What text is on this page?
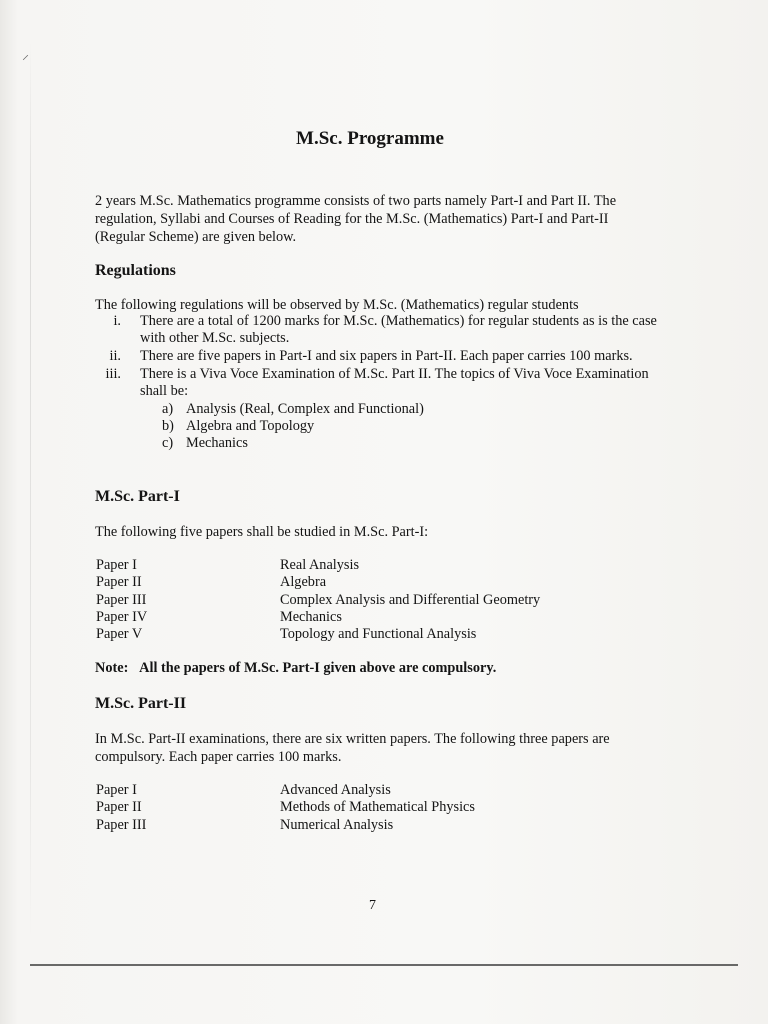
⸝
M.Sc. Programme
2 years M.Sc. Mathematics programme consists of two parts namely Part-I and Part II. The regulation, Syllabi and Courses of Reading for the M.Sc. (Mathematics) Part-I and Part-II (Regular Scheme) are given below.
Regulations
The following regulations will be observed by M.Sc. (Mathematics) regular students
i. There are a total of 1200 marks for M.Sc. (Mathematics) for regular students as is the case with other M.Sc. subjects.
ii. There are five papers in Part-I and six papers in Part-II. Each paper carries 100 marks.
iii. There is a Viva Voce Examination of M.Sc. Part II. The topics of Viva Voce Examination shall be:
a) Analysis (Real, Complex and Functional)
b) Algebra and Topology
c) Mechanics
M.Sc. Part-I
The following five papers shall be studied in M.Sc. Part-I:
Paper I	Real Analysis
Paper II	Algebra
Paper III	Complex Analysis and Differential Geometry
Paper IV	Mechanics
Paper V	Topology and Functional Analysis
Note: All the papers of M.Sc. Part-I given above are compulsory.
M.Sc. Part-II
In M.Sc. Part-II examinations, there are six written papers. The following three papers are compulsory. Each paper carries 100 marks.
Paper I	Advanced Analysis
Paper II	Methods of Mathematical Physics
Paper III	Numerical Analysis
7
